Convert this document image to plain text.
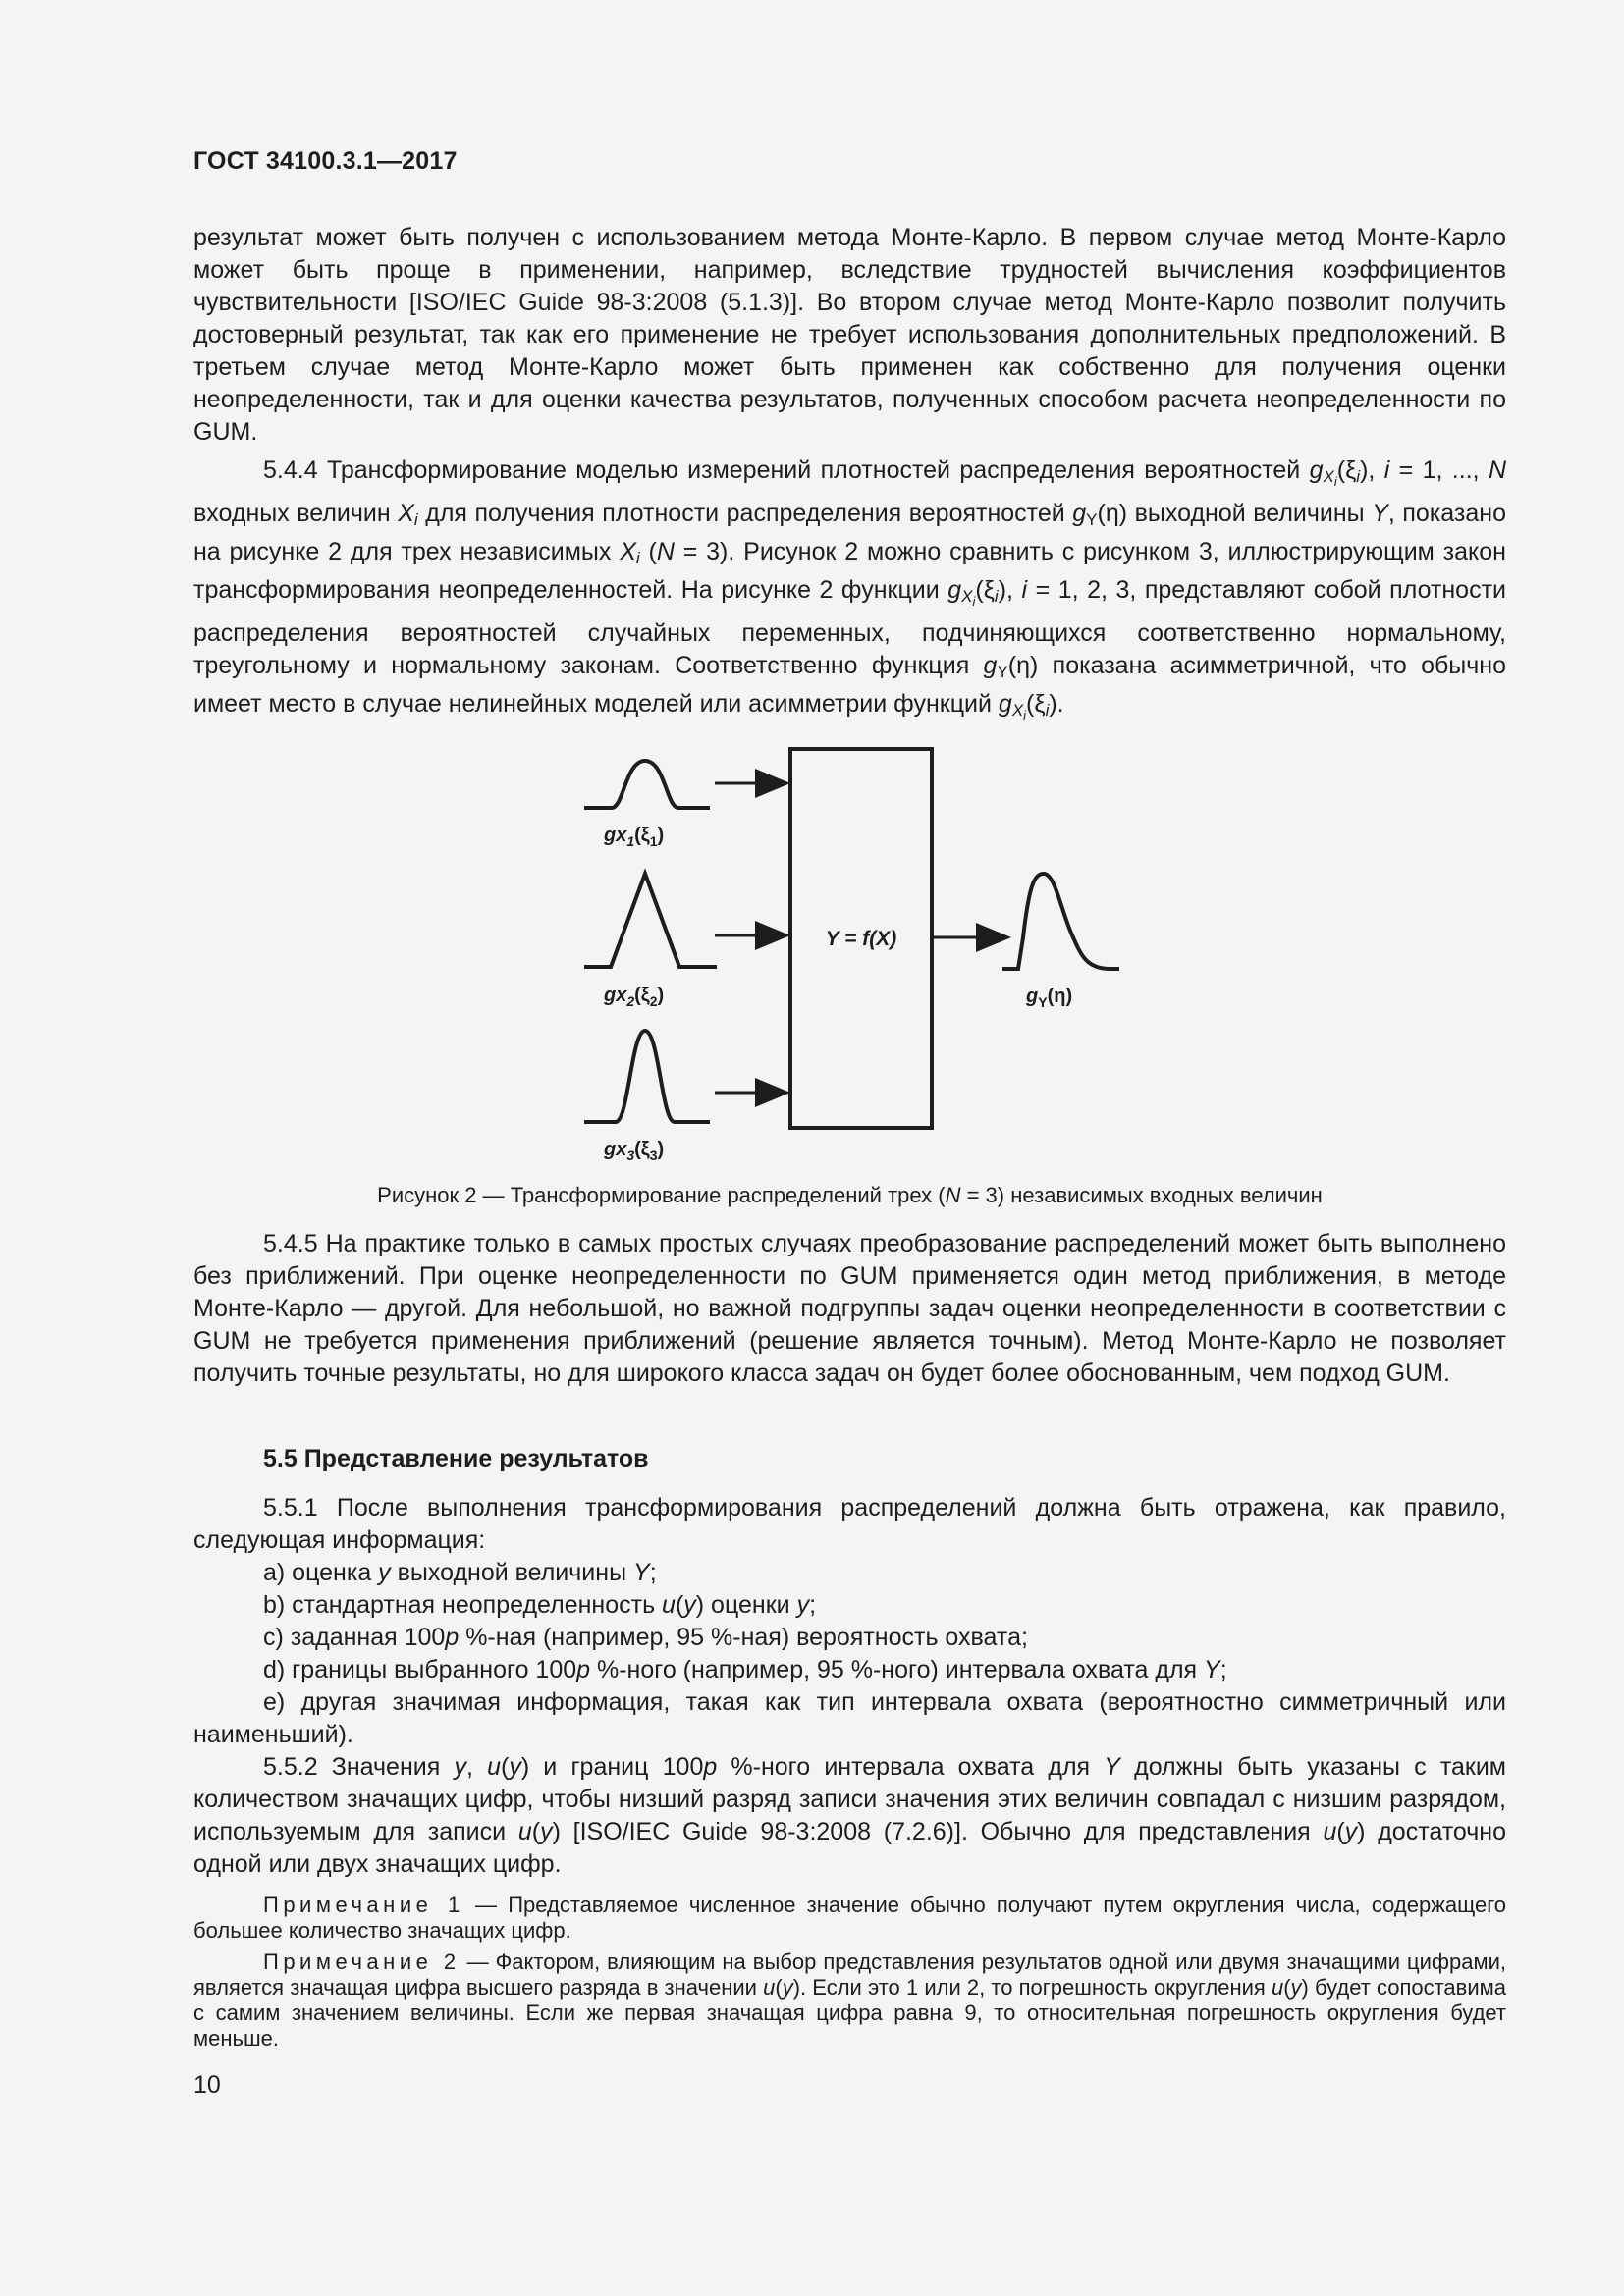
ГОСТ 34100.3.1—2017

результат может быть получен с использованием метода Монте-Карло. В первом случае метод Монте-Карло может быть проще в применении, например, вследствие трудностей вычисления коэффициентов чувствительности [ISO/IEC Guide 98-3:2008 (5.1.3)]. Во втором случае метод Монте-Карло позволит получить достоверный результат, так как его применение не требует использования дополнительных предположений. В третьем случае метод Монте-Карло может быть применен как собственно для получения оценки неопределенности, так и для оценки качества результатов, полученных способом расчета неопределенности по GUM.

5.4.4 Трансформирование моделью измерений плотностей распределения вероятностей $g_{Xi}(\xi_i)$, i = 1, ..., N входных величин $X_i$ для получения плотности распределения вероятностей $g_Y(\eta)$ выходной величины Y, показано на рисунке 2 для трех независимых $X_i$ (N = 3). Рисунок 2 можно сравнить с рисунком 3, иллюстрирующим закон трансформирования неопределенностей. На рисунке 2 функции $g_{Xi}(\xi_i)$, i = 1, 2, 3, представляют собой плотности распределения вероятностей случайных переменных, подчиняющихся соответственно нормальному, треугольному и нормальному законам. Соответственно функция $g_Y(\eta)$ показана асимметричной, что обычно имеет место в случае нелинейных моделей или асимметрии функций $g_{Xi}(\xi_i)$.

Y = f(X)
$gx_1(\xi_1)$
$gx_2(\xi_2)$
$gx_3(\xi_3)$
$g_Y(\eta)$
Рисунок 2 — Трансформирование распределений трех (N = 3) независимых входных величин

5.4.5 На практике только в самых простых случаях преобразование распределений может быть выполнено без приближений. При оценке неопределенности по GUM применяется один метод приближения, в методе Монте-Карло — другой. Для небольшой, но важной подгруппы задач оценки неопределенности в соответствии с GUM не требуется применения приближений (решение является точным). Метод Монте-Карло не позволяет получить точные результаты, но для широкого класса задач он будет более обоснованным, чем подход GUM.

5.5 Представление результатов

5.5.1 После выполнения трансформирования распределений должна быть отражена, как правило, следующая информация:

a) оценка y выходной величины Y;

b) стандартная неопределенность u(y) оценки y;

c) заданная 100p %-ная (например, 95 %-ная) вероятность охвата;

d) границы выбранного 100p %-ного (например, 95 %-ного) интервала охвата для Y;

e) другая значимая информация, такая как тип интервала охвата (вероятностно симметричный или наименьший).

5.5.2 Значения y, u(y) и границ 100p %-ного интервала охвата для Y должны быть указаны с таким количеством значащих цифр, чтобы низший разряд записи значения этих величин совпадал с низшим разрядом, используемым для записи u(y) [ISO/IEC Guide 98-3:2008 (7.2.6)]. Обычно для представления u(y) достаточно одной или двух значащих цифр.

Примечание 1 — Представляемое численное значение обычно получают путем округления числа, содержащего большее количество значащих цифр.

Примечание 2 — Фактором, влияющим на выбор представления результатов одной или двумя значащими цифрами, является значащая цифра высшего разряда в значении u(y). Если это 1 или 2, то погрешность округления u(y) будет сопоставима с самим значением величины. Если же первая значащая цифра равна 9, то относительная погрешность округления будет меньше.

10
